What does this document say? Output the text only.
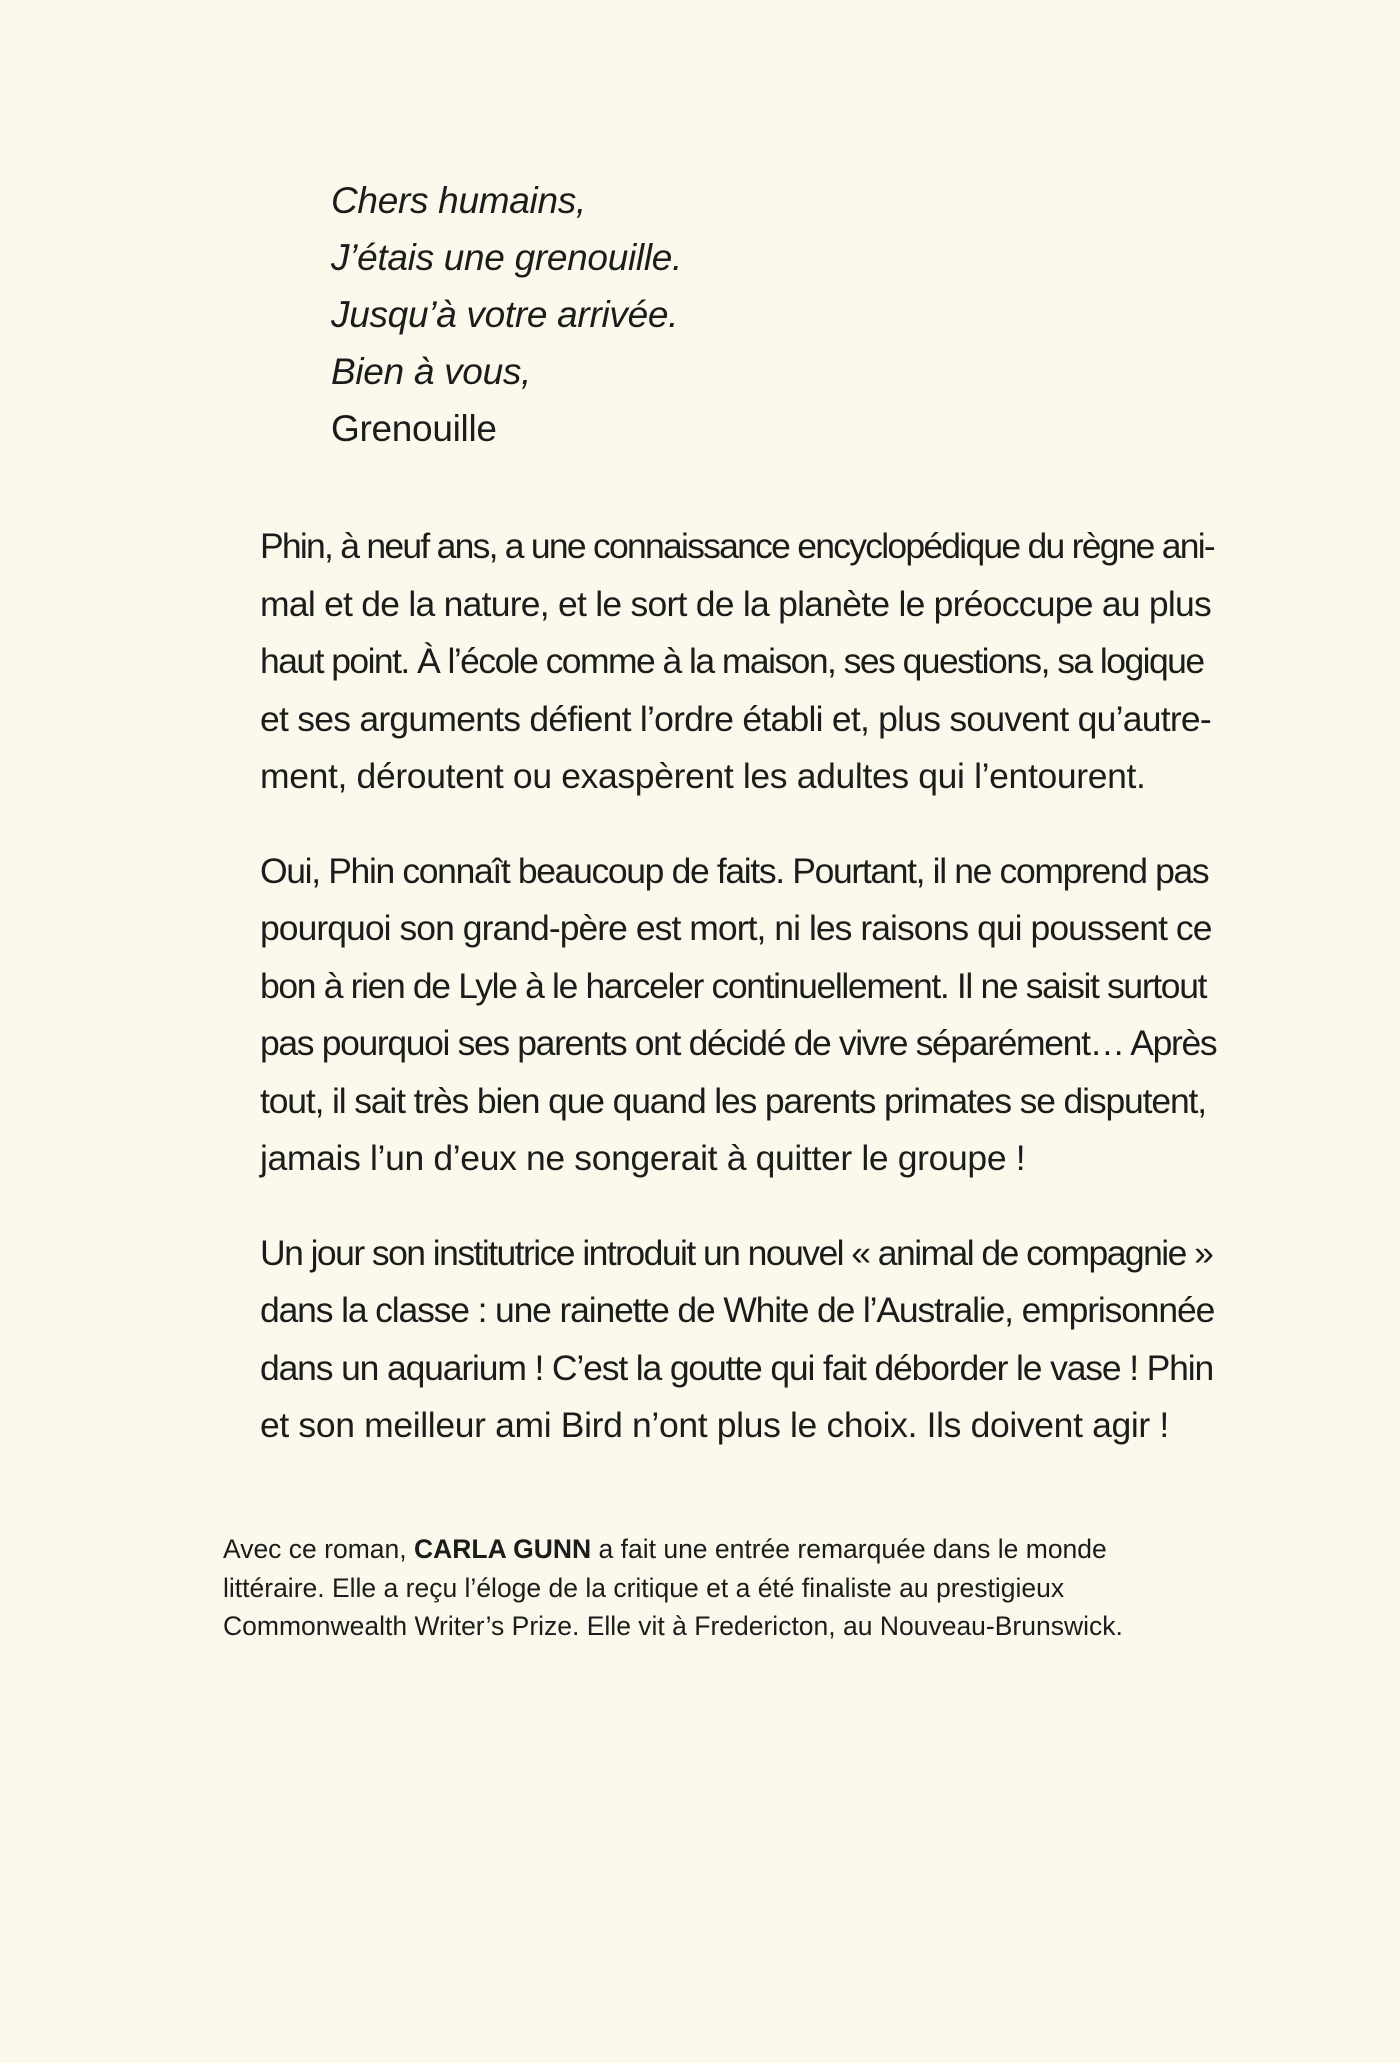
Chers humains,
J’étais une grenouille.
Jusqu’à votre arrivée.
Bien à vous,
Grenouille

Phin, à neuf ans, a une connaissance encyclopédique du règne ani-
mal et de la nature, et le sort de la planète le préoccupe au plus
haut point. À l’école comme à la maison, ses questions, sa logique
et ses arguments défient l’ordre établi et, plus souvent qu’autre-
ment, déroutent ou exaspèrent les adultes qui l’entourent.

Oui, Phin connaît beaucoup de faits. Pourtant, il ne comprend pas
pourquoi son grand-père est mort, ni les raisons qui poussent ce
bon à rien de Lyle à le harceler continuellement. Il ne saisit surtout
pas pourquoi ses parents ont décidé de vivre séparément… Après
tout, il sait très bien que quand les parents primates se disputent,
jamais l’un d’eux ne songerait à quitter le groupe !

Un jour son institutrice introduit un nouvel « animal de compagnie »
dans la classe : une rainette de White de l’Australie, emprisonnée
dans un aquarium ! C’est la goutte qui fait déborder le vase ! Phin
et son meilleur ami Bird n’ont plus le choix. Ils doivent agir !

Avec ce roman, CARLA GUNN a fait une entrée remarquée dans le monde
littéraire. Elle a reçu l’éloge de la critique et a été finaliste au prestigieux
Commonwealth Writer’s Prize. Elle vit à Fredericton, au Nouveau-Brunswick.
